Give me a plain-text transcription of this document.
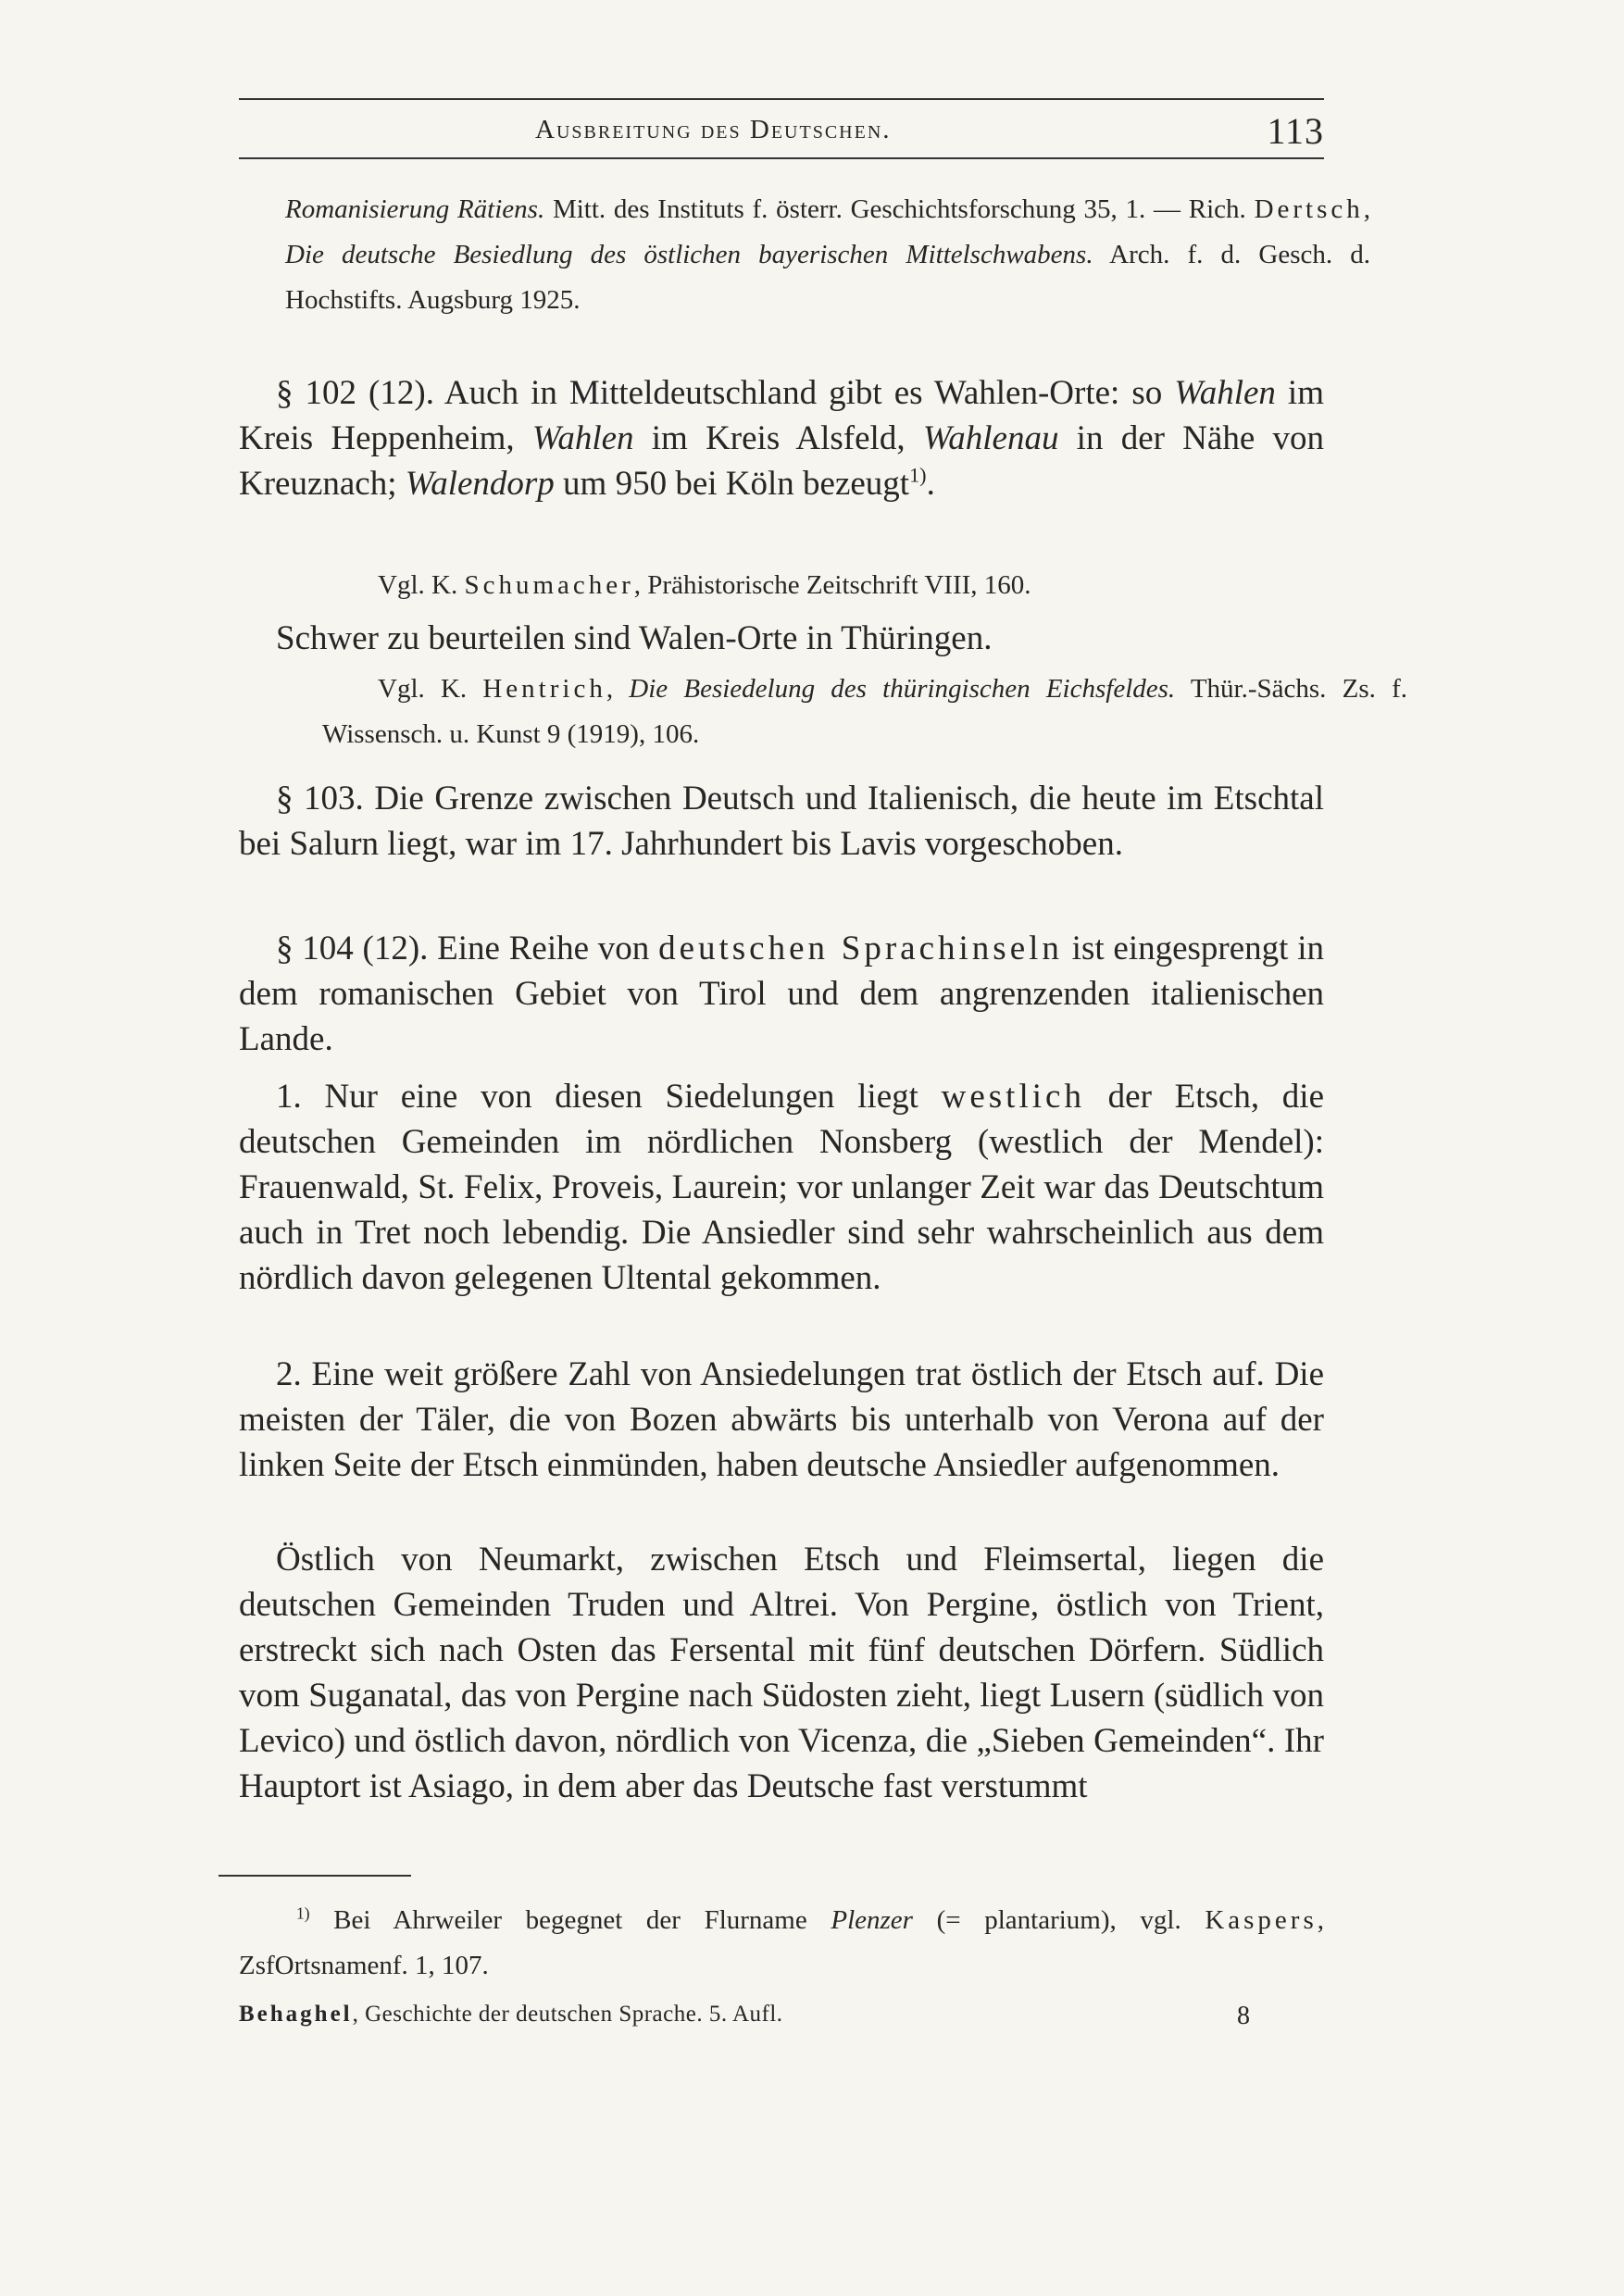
Ausbreitung des Deutschen.	113

Romanisierung Rätiens. Mitt. des Instituts f. österr. Geschichtsforschung 35, 1. — Rich. Dertsch, Die deutsche Besiedlung des östlichen bayerischen Mittelschwabens. Arch. f. d. Gesch. d. Hochstifts. Augsburg 1925.

§ 102 (12). Auch in Mitteldeutschland gibt es Wahlen-Orte: so Wahlen im Kreis Heppenheim, Wahlen im Kreis Alsfeld, Wahlenau in der Nähe von Kreuznach; Walendorp um 950 bei Köln bezeugt$^{1)}$.

Vgl. K. Schumacher, Prähistorische Zeitschrift VIII, 160.

Schwer zu beurteilen sind Walen-Orte in Thüringen.

Vgl. K. Hentrich, Die Besiedelung des thüringischen Eichsfeldes. Thür.-Sächs. Zs. f. Wissensch. u. Kunst 9 (1919), 106.

§ 103. Die Grenze zwischen Deutsch und Italienisch, die heute im Etschtal bei Salurn liegt, war im 17. Jahrhundert bis Lavis vorgeschoben.

§ 104 (12). Eine Reihe von deutschen Sprachinseln ist eingesprengt in dem romanischen Gebiet von Tirol und dem angrenzenden italienischen Lande.

1. Nur eine von diesen Siedelungen liegt westlich der Etsch, die deutschen Gemeinden im nördlichen Nonsberg (westlich der Mendel): Frauenwald, St. Felix, Proveis, Laurein; vor unlanger Zeit war das Deutschtum auch in Tret noch lebendig. Die Ansiedler sind sehr wahrscheinlich aus dem nördlich davon gelegenen Ultental gekommen.

2. Eine weit größere Zahl von Ansiedelungen trat östlich der Etsch auf. Die meisten der Täler, die von Bozen abwärts bis unterhalb von Verona auf der linken Seite der Etsch einmünden, haben deutsche Ansiedler aufgenommen.

Östlich von Neumarkt, zwischen Etsch und Fleimsertal, liegen die deutschen Gemeinden Truden und Altrei. Von Pergine, östlich von Trient, erstreckt sich nach Osten das Fersental mit fünf deutschen Dörfern. Südlich vom Suganatal, das von Pergine nach Südosten zieht, liegt Lusern (südlich von Levico) und östlich davon, nördlich von Vicenza, die „Sieben Gemeinden“. Ihr Hauptort ist Asiago, in dem aber das Deutsche fast verstummt

$^{1)}$ Bei Ahrweiler begegnet der Flurname Plenzer (= plantarium), vgl. Kaspers, ZsfOrtsnamenf. 1, 107.

Behaghel, Geschichte der deutschen Sprache. 5. Aufl.	8
